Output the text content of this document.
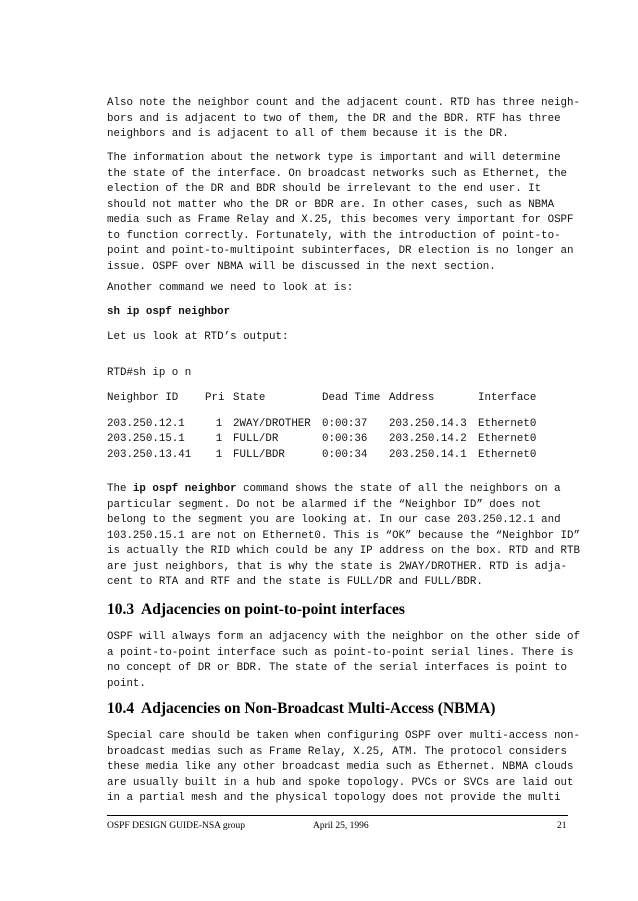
Also note the neighbor count and the adjacent count. RTD has three neigh-
bors and is adjacent to two of them, the DR and the BDR. RTF has three
neighbors and is adjacent to all of them because it is the DR.
The information about the network type is important and will determine
the state of the interface. On broadcast networks such as Ethernet, the
election of the DR and BDR should be irrelevant to the end user. It
should not matter who the DR or BDR are. In other cases, such as NBMA
media such as Frame Relay and X.25, this becomes very important for OSPF
to function correctly. Fortunately, with the introduction of point-to-
point and point-to-multipoint subinterfaces, DR election is no longer an
issue. OSPF over NBMA will be discussed in the next section.
Another command we need to look at is:
sh ip ospf neighbor
Let us look at RTD’s output:
RTD#sh ip o n
Neighbor ID	Pri	State	Dead Time	Address	Interface

203.250.12.1	1	2WAY/DROTHER	0:00:37	203.250.14.3	Ethernet0
203.250.15.1	1	FULL/DR	0:00:36	203.250.14.2	Ethernet0
203.250.13.41	1	FULL/BDR	0:00:34	203.250.14.1	Ethernet0
The ip ospf neighbor command shows the state of all the neighbors on a
particular segment. Do not be alarmed if the “Neighbor ID” does not
belong to the segment you are looking at. In our case 203.250.12.1 and
103.250.15.1 are not on Ethernet0. This is “OK” because the “Neighbor ID”
is actually the RID which could be any IP address on the box. RTD and RTB
are just neighbors, that is why the state is 2WAY/DROTHER. RTD is adja-
cent to RTA and RTF and the state is FULL/DR and FULL/BDR.
10.3  Adjacencies on point-to-point interfaces
OSPF will always form an adjacency with the neighbor on the other side of
a point-to-point interface such as point-to-point serial lines. There is
no concept of DR or BDR. The state of the serial interfaces is point to
point.
10.4  Adjacencies on Non-Broadcast Multi-Access (NBMA)
Special care should be taken when configuring OSPF over multi-access non-
broadcast medias such as Frame Relay, X.25, ATM. The protocol considers
these media like any other broadcast media such as Ethernet. NBMA clouds
are usually built in a hub and spoke topology. PVCs or SVCs are laid out
in a partial mesh and the physical topology does not provide the multi
OSPF DESIGN GUIDE-NSA group	April 25, 1996	21
